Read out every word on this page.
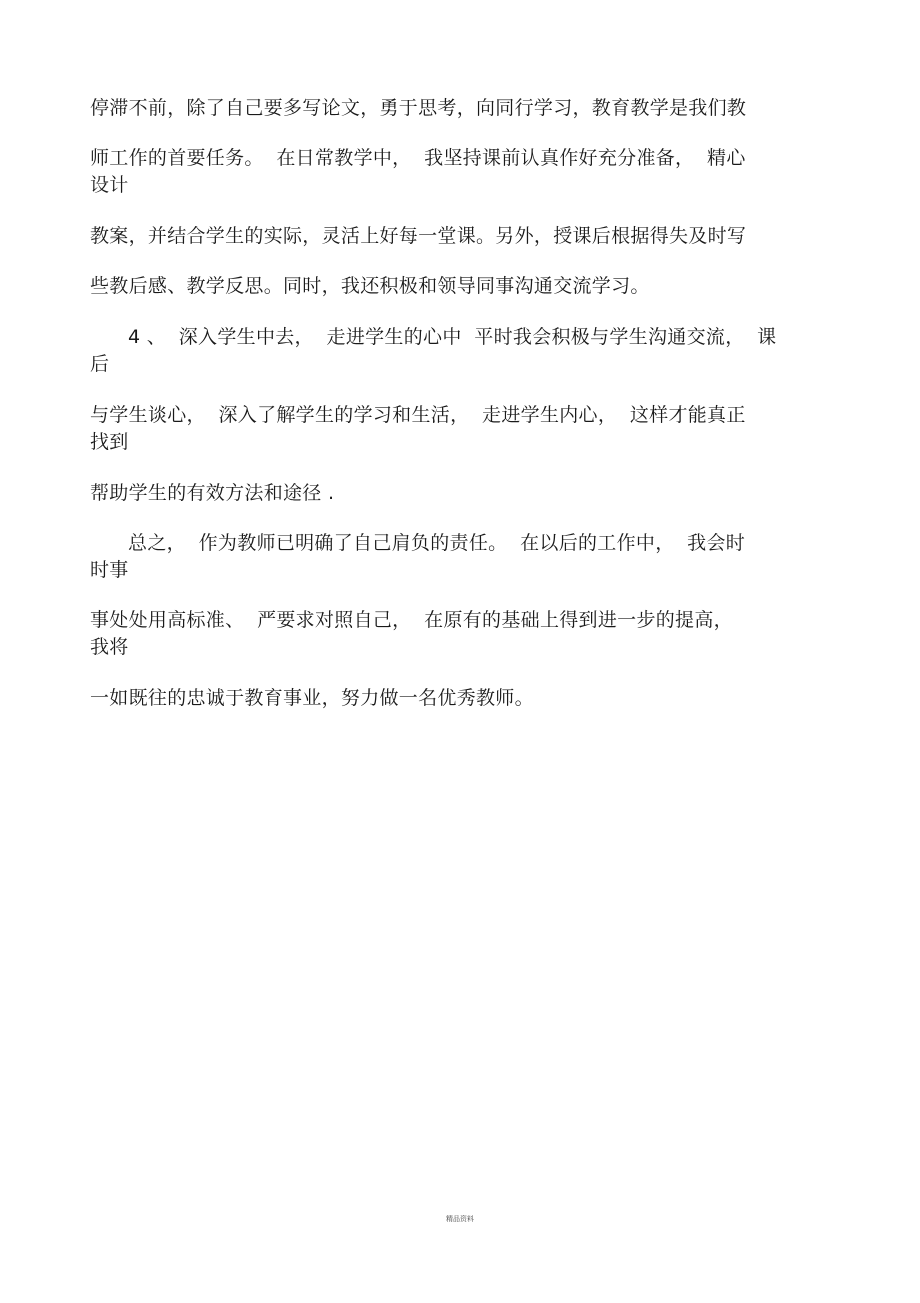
停滞不前，除了自己要多写论文，勇于思考，向同行学习，教育教学是我们教
师工作的首要任务。  在日常教学中，  我坚持课前认真作好充分准备，  精心
设计
教案，并结合学生的实际，灵活上好每一堂课。另外，授课后根据得失及时写
些教后感、教学反思。同时，我还积极和领导同事沟通交流学习。
4 、  深入学生中去，  走进学生的心中  平时我会积极与学生沟通交流，  课
后
与学生谈心，  深入了解学生的学习和生活，  走进学生内心，  这样才能真正
找到
帮助学生的有效方法和途径 .
总之，  作为教师已明确了自己肩负的责任。  在以后的工作中，  我会时
时事
事处处用高标准、  严要求对照自己，  在原有的基础上得到进一步的提高，
我将
一如既往的忠诚于教育事业，努力做一名优秀教师。
精品资料
